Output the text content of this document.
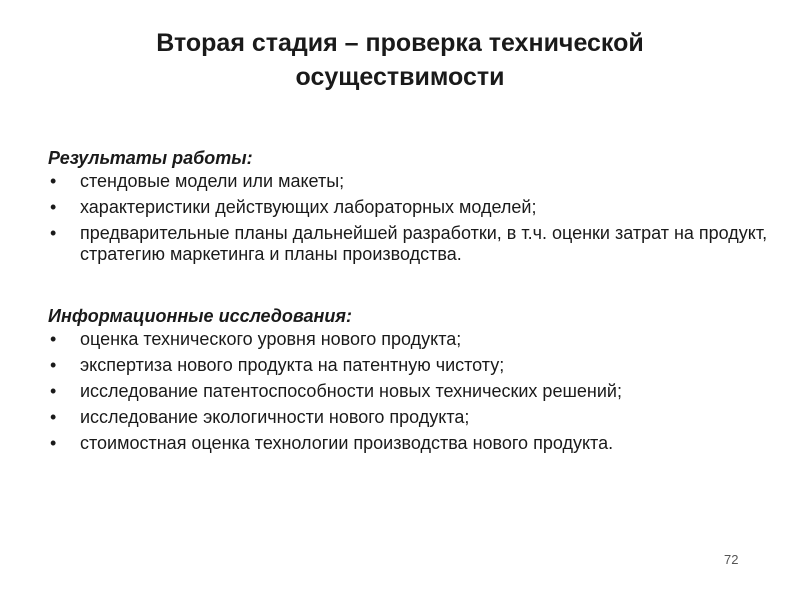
Вторая стадия – проверка технической
осуществимости

Результаты работы:

• стендовые модели или макеты;
• характеристики действующих лабораторных моделей;
• предварительные планы дальнейшей разработки, в т.ч. оценки затрат на продукт, стратегию маркетинга и планы производства.

Информационные исследования:

• оценка технического уровня нового продукта;
• экспертиза нового продукта на патентную чистоту;
• исследование патентоспособности новых технических решений;
• исследование экологичности нового продукта;
• стоимостная оценка технологии производства нового продукта.
72
